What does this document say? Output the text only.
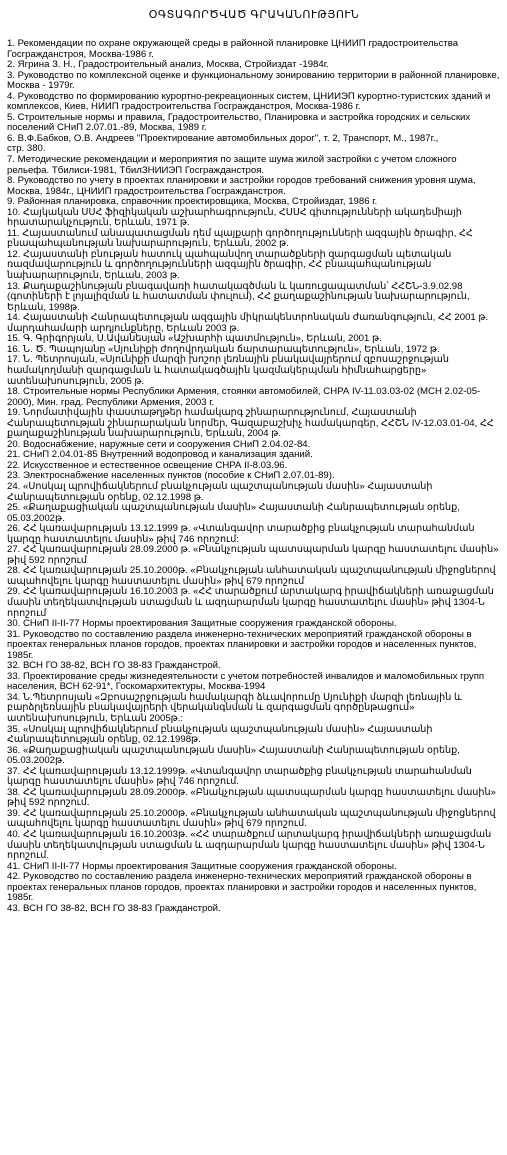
ՕԳՏԱԳՈՐԾՎԱԾ ԳՐԱԿԱՆՈՒԹՅՈՒՆ

1. Рекомендации по охране окружающей среды в районной планировке ЦНИИП градостроительства Госгражданстроя, Москва-1986 г.

2. Ягрина З. Н., Градостроительный анализ, Москва, Стройиздат -1984г.

3. Руководство по комплексной оценке и функциональному зонированию территории в районной планировке, Москва - 1979г.

4. Руководство по формированию курортно-рекреационных систем, ЦНИИЭП курортно-туристских зданий и комплексов, Киев, НИИП градостроительства Госгражданстроя, Москва-1986 г.

5. Строительные нормы и правила, Градостроительство, Планировка и застройка городских и сельских поселений СНиП 2.07.01.-89, Москва, 1989 г.

6. В.Ф.Бабков, О.В. Андреев "Проектирование автомобильных дорог", т. 2, Транспорт, М., 1987г.,

стр. 380.

7. Методические рекомендации и мероприятия по защите шума жилой застройки с учетом сложного рельефа. Тбилиси-1981, ТбилЗНИИЭП Госгражданстроя.

8. Руководство по учету в проектах планировки и застройки городов требований снижения уровня шума, Москва, 1984г., ЦНИИП градостроительства Госгражданстроя.

9. Районная планировка, справочник проектировщика, Москва, Стройиздат, 1986 г.

10. Հայկական ՍՍՀ ֆիզիկական աշխարհագրություն, ՀՍՍՀ գիտությունների ակադեմիայի հրատարակչություն, Երևան, 1971 թ.

11. Հայաստանում անապատացման դեմ պայքարի գործողությունների ազգային ծրագիր, ՀՀ բնապահպանության նախարարություն, Երևան, 2002 թ.

12. Հայաստանի բնության հատուկ պահպանվող տարածքների զարգացման պետական ռազմավարություն և գործողությունների ազգային ծրագիր, ՀՀ բնապահպանության նախարարություն, Երևան, 2003 թ.

13. Քաղաքաշինության բնագավառի հատակագծման և կառուցապատման՝ ՀՀՇՆ-3.9.02.98 (գոտիների է լոյալիզման և հատատման փուլում), ՀՀ քաղաքաշինության նախարարություն, Երևան, 1998թ.

14. Հայաստանի Հանրապետության ազգային միկրակենտրոնական ժառանգություն, ՀՀ 2001 թ. մարդահամարի արդյունքները, Երևան 2003 թ.

15. Գ. Գրիգորյան, Ս.Ավանեսյան «Աշխարհի պատմություն», Երևան, 2001 թ.

16. Ն. Ծ. Պապոյանը «Սյունիքի ժողովրդական ճարտարապետություն», Երևան, 1972 թ.

17. Ն. Պետրոսյան, «Սյունիքի մարզի խոշոր լեռնային բնակավայրերում զբոսաշրջության համակողմանի զարգացման և հատակագծային կազմակերպման հիմնահարցերը» ատենախոսություն, 2005 թ.

18. Строительные нормы Республики Армения, стоянки автомобилей, СНРА IV-11.03.03-02 (МСН 2.02-05-2000), Мин. град. Республики Армения, 2003 г.

19. Նորմատիվային փաստաթղթեր համակարգ շինարարությունում, Հայաստանի Հանրապետության շինարարական նորմեր, Գազաբաշխիչ համակարգեր, ՀՀՇՆ IV-12.03.01-04, ՀՀ քաղաքաշինության նախարարություն, Երևան, 2004 թ.

20. Водоснабжение, наружные сети и сооружения СНиП 2.04.02-84.

21. СНиП 2.04.01-85 Внутренний водопровод и канализация зданий.

22. Искусственное и естественное освещение СНРА II-8.03.96.

23. Электроснабжение населенных пунктов (пособие к СНиП 2.07.01-89).

24. «Սոսկալ պրովիճակներում բնակչության պաշտպանության մասին» Հայաստանի Հանրապետության օրենք, 02.12.1998 թ.

25. «Քաղաքացիական պաշտպանության մասին» Հայաստանի Հանրապետության օրենք, 05.03.2002թ.

26. ՀՀ կառավարության 13.12.1999 թ. «Վտանգավոր տարածքից բնակչության տարահանման կարգը հաստատելու մասին» թիվ 746 որոշում:

27. ՀՀ կառավարության 28.09.2000 թ. «Բնակչության պատսպարման կարգը հաստատելու մասին» թիվ 592 որոշում

28. ՀՀ կառավարության 25.10.2000թ. «Բնակչության անհատական պաշտպանության միջոցներով ապահովելու կարգը հաստատելու մասին» թիվ 679 որոշում

29. ՀՀ կառավարության 16.10.2003 թ. «ՀՀ տարածքում արտակարգ իրավիճակների առաջացման մասին տեղեկատվության ստացման և ազդարարման կարգը հաստատելու մասին» թիվ 1304-Ն որոշում

30. СНиП II-II-77 Нормы проектирования Защитные сооружения гражданской обороны.

31. Руководство по составлению раздела инженерно-технических мероприятий гражданской обороны в проектах генеральных планов городов, проектах планировки и застройки городов и населенных пунктов, 1985г.

32. ВСН ГО 38-82, ВСН ГО 38-83 Гражданстрой.

33. Проектирование среды жизнедеятельности с учетом потребностей инвалидов и маломобильных групп населения, ВСН 62-91*, Госкомархитектуры, Москва-1994

34. Ն.Պետրոսյան «Զբոսաշրջության համակարգի ձևավորումը Սյունիքի մարզի լեռնային և բարձրլեռնային բնակավայրերի վերականգնման և զարգացման գործընթացում» ատենախոսություն, Երևան 2005թ.:

35. «Սոսկալ պրովիճակներում բնակչության պաշտպանության մասին» Հայաստանի Հանրապետության օրենք, 02.12.1998թ.

36. «Քաղաքացիական պաշտպանության մասին» Հայաստանի Հանրապետության օրենք, 05.03.2002թ.

37. ՀՀ կառավարության 13.12.1999թ. «Վտանգավոր տարածքից բնակչության տարահանման կարգը հաստատելու մասին» թիվ 746 որոշում.

38. ՀՀ կառավարության 28.09.2000թ. «Բնակչության պատսպարման կարգը հաստատելու մասին»

թիվ 592 որոշում.

39. ՀՀ կառավարության 25.10.2000թ. «Բնակչության անհատական պաշտպանության միջոցներով ապահովելու կարգը հաստատելու մասին» թիվ 679 որոշում.

40. ՀՀ կառավարության 16.10.2003թ. «ՀՀ տարածքում արտակարգ իրավիճակների առաջացման մասին տեղեկատվության ստացման և ազդարարման կարգը հաստատելու մասին» թիվ 1304-Ն որոշում.

41. СНиП II-II-77 Нормы проектирования Защитные сооружения гражданской обороны.

42. Руководство по составлению раздела инженерно-технических мероприятий гражданской обороны в проектах генеральных планов городов, проектах планировки и застройки городов и населенных пунктов, 1985г.

43. ВСН ГО 38-82, ВСН ГО 38-83 Гражданстрой.
